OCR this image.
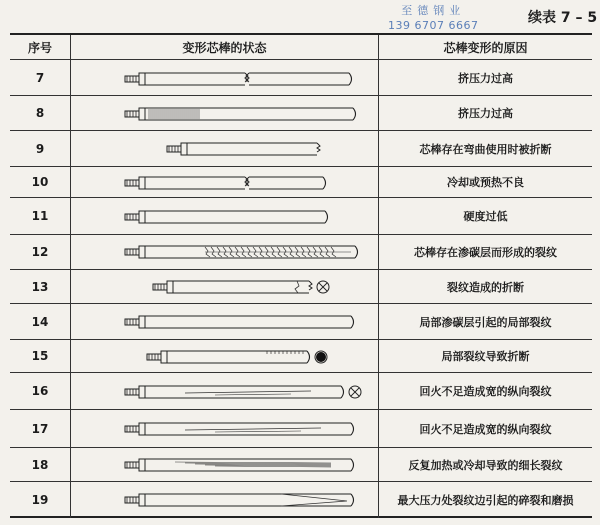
至德钢业
139 6707 6667	续表 7 – 5
序号	变形芯棒的状态	芯棒变形的原因
7	挤压力过高
8	挤压力过高
9	芯棒存在弯曲使用时被折断
10	冷却或预热不良
11	硬度过低
12	芯棒存在渗碳层而形成的裂纹
13	裂纹造成的折断
14	局部渗碳层引起的局部裂纹
15	局部裂纹导致折断
16	回火不足造成宽的纵向裂纹
17	回火不足造成宽的纵向裂纹
18	反复加热或冷却导致的细长裂纹
19	最大压力处裂纹边引起的碎裂和磨损
